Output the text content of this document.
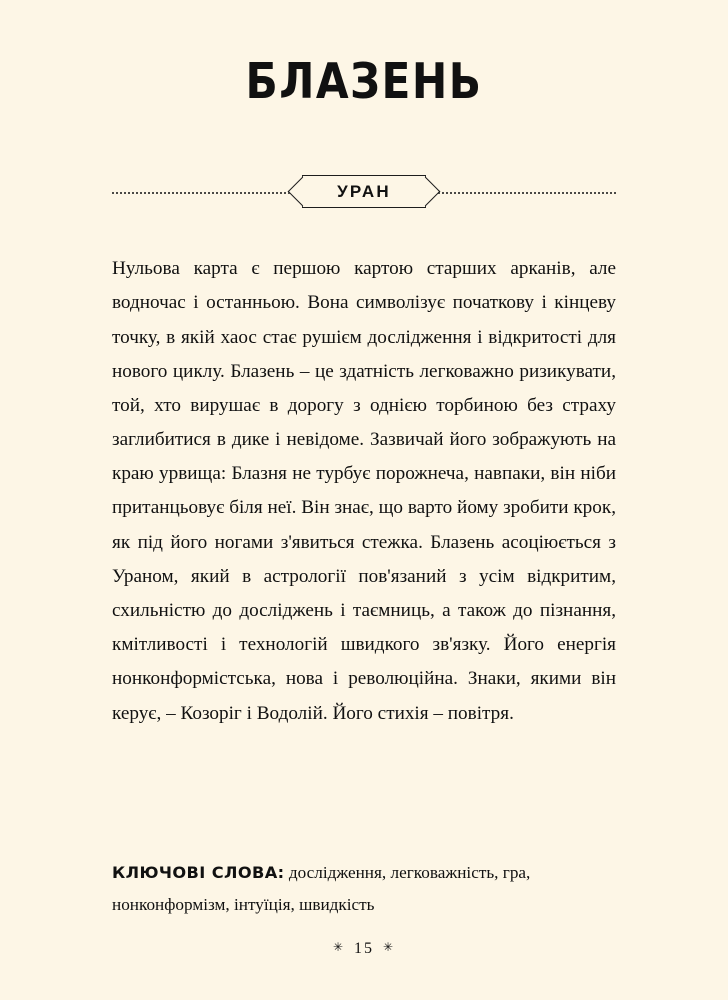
БЛАЗЕНЬ
УРАН

Нульова карта є першою картою старших арканів, але водночас і останньою. Вона символізує початкову і кінцеву точку, в якій хаос стає рушієм дослідження і відкритості для нового циклу. Блазень – це здатність легковажно ризикувати, той, хто вирушає в дорогу з однією торбиною без страху заглибитися в дике і невідоме. Зазвичай його зображують на краю урвища: Блазня не турбує порожнеча, навпаки, він ніби пританцьовує біля неї. Він знає, що варто йому зробити крок, як під його ногами з'явиться стежка. Блазень асоціюється з Ураном, який в астрології пов'язаний з усім відкритим, схильністю до досліджень і таємниць, а також до пізнання, кмітливості і технологій швидкого зв'язку. Його енергія нонконформістська, нова і революційна. Знаки, якими він керує, – Козоріг і Водолій. Його стихія – повітря.

КЛЮЧОВІ СЛОВА: дослідження, легковажність, гра, нонконформізм, інтуїція, швидкість

✳ 15 ✳
